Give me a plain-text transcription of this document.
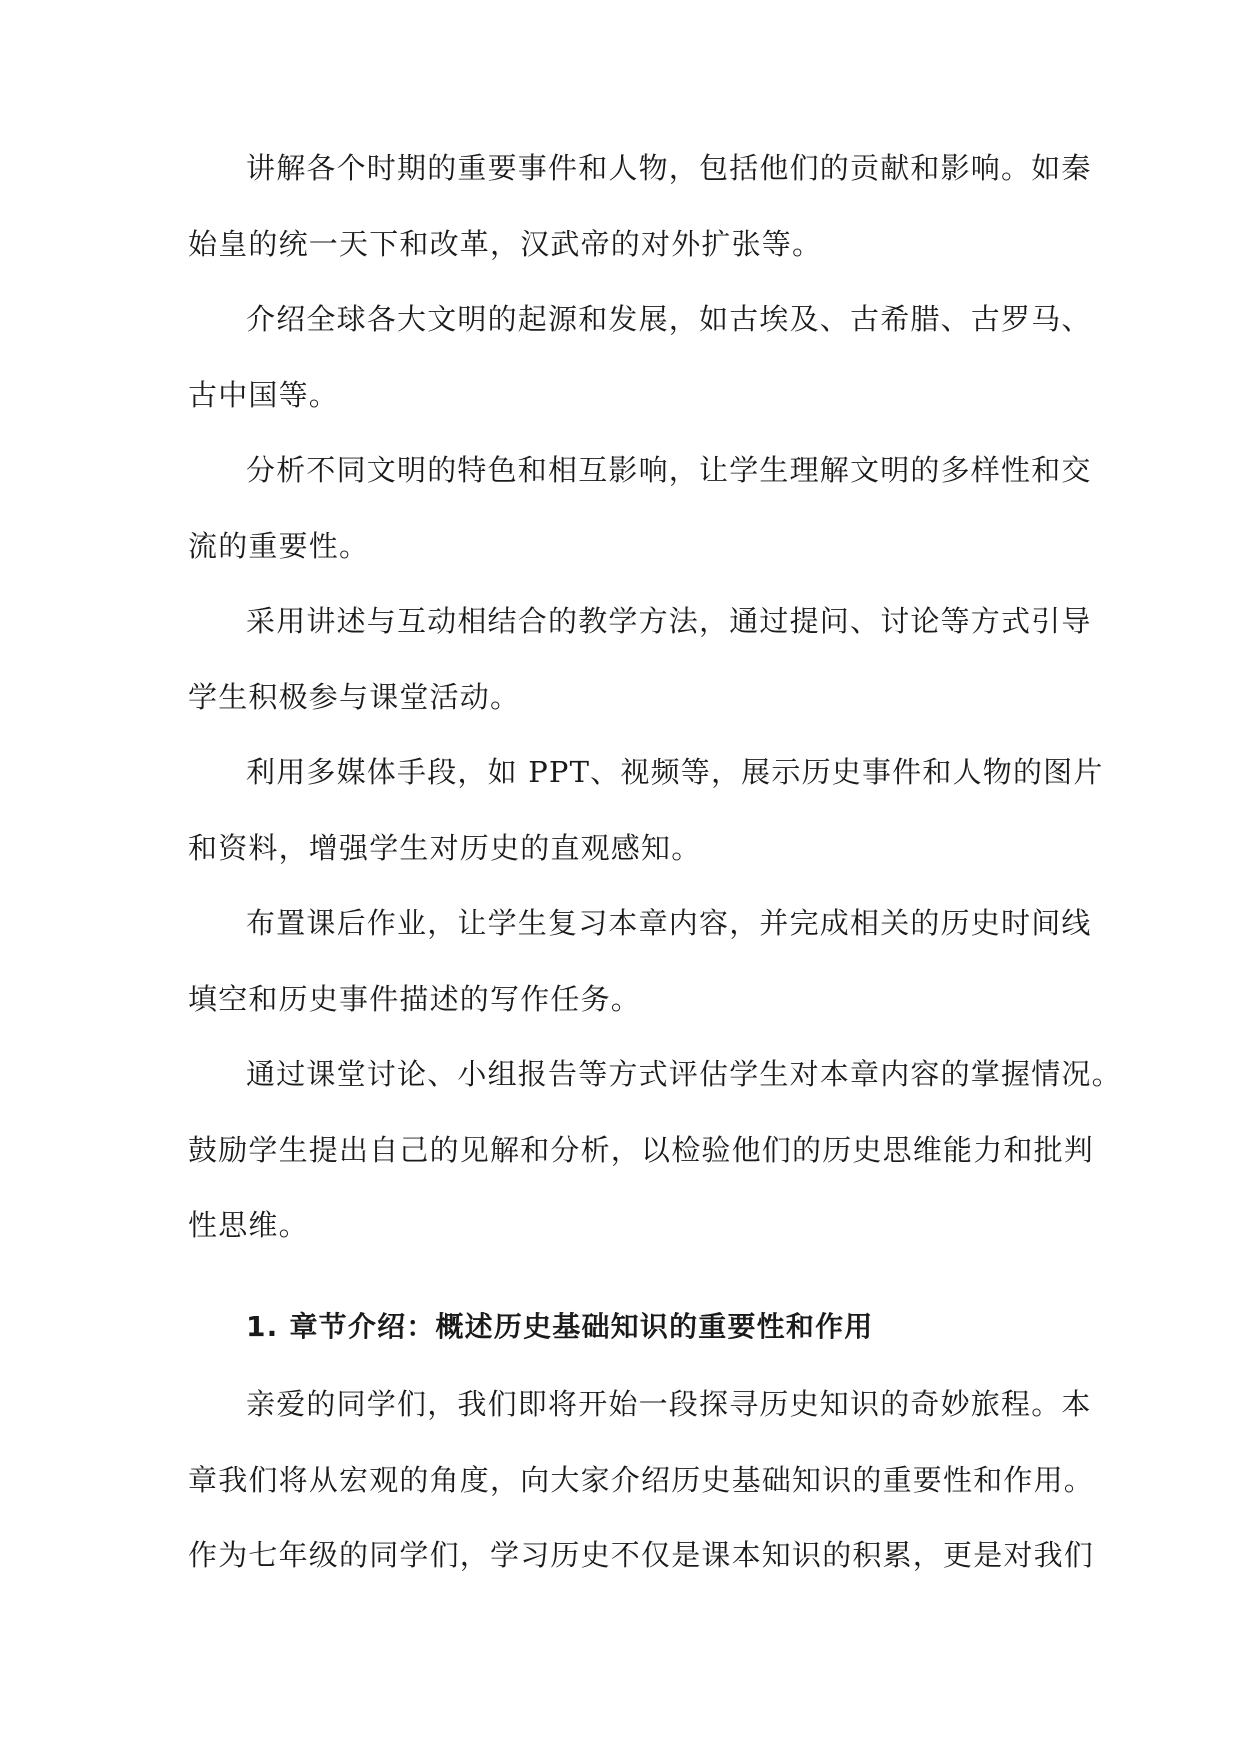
讲解各个时期的重要事件和人物，包括他们的贡献和影响。如秦
始皇的统一天下和改革，汉武帝的对外扩张等。
介绍全球各大文明的起源和发展，如古埃及、古希腊、古罗马、
古中国等。
分析不同文明的特色和相互影响，让学生理解文明的多样性和交
流的重要性。
采用讲述与互动相结合的教学方法，通过提问、讨论等方式引导
学生积极参与课堂活动。
利用多媒体手段，如 PPT、视频等，展示历史事件和人物的图片
和资料，增强学生对历史的直观感知。
布置课后作业，让学生复习本章内容，并完成相关的历史时间线
填空和历史事件描述的写作任务。
通过课堂讨论、小组报告等方式评估学生对本章内容的掌握情况。
鼓励学生提出自己的见解和分析，以检验他们的历史思维能力和批判
性思维。
1. 章节介绍：概述历史基础知识的重要性和作用
亲爱的同学们，我们即将开始一段探寻历史知识的奇妙旅程。本
章我们将从宏观的角度，向大家介绍历史基础知识的重要性和作用。
作为七年级的同学们，学习历史不仅是课本知识的积累，更是对我们
